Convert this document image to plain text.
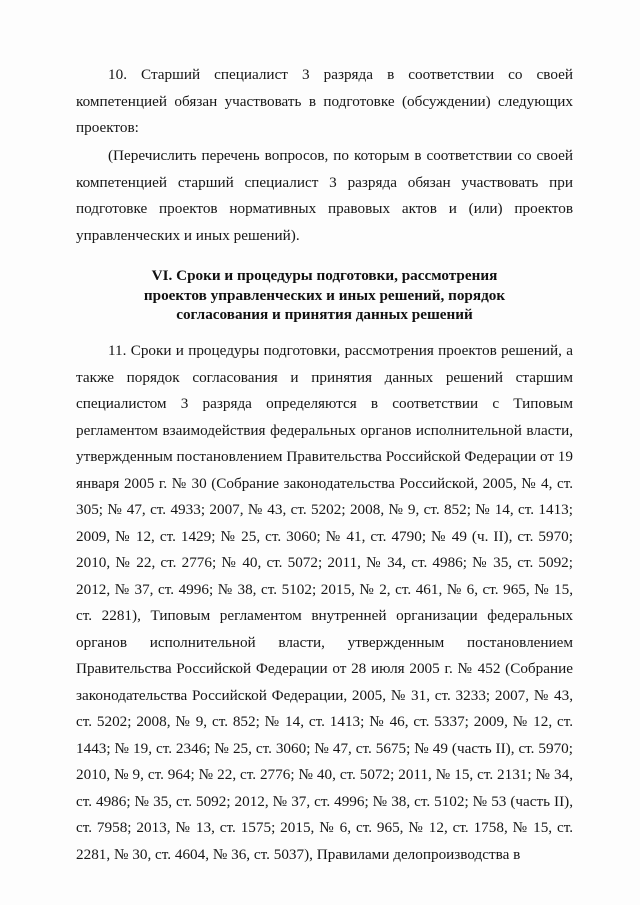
10. Старший специалист 3 разряда в соответствии со своей компетенцией обязан участвовать в подготовке (обсуждении) следующих проектов:

(Перечислить перечень вопросов, по которым в соответствии со своей компетенцией старший специалист 3 разряда обязан участвовать при подготовке проектов нормативных правовых актов и (или) проектов управленческих и иных решений).

VI. Сроки и процедуры подготовки, рассмотрения
проектов управленческих и иных решений, порядок
согласования и принятия данных решений

11. Сроки и процедуры подготовки, рассмотрения проектов решений, а также порядок согласования и принятия данных решений старшим специалистом 3 разряда определяются в соответствии с Типовым регламентом взаимодействия федеральных органов исполнительной власти, утвержденным постановлением Правительства Российской Федерации от 19 января 2005 г. № 30 (Собрание законодательства Российской, 2005, № 4, ст. 305; № 47, ст. 4933; 2007, № 43, ст. 5202; 2008, № 9, ст. 852; № 14, ст. 1413; 2009, № 12, ст. 1429; № 25, ст. 3060; № 41, ст. 4790; № 49 (ч. II), ст. 5970; 2010, № 22, ст. 2776; № 40, ст. 5072; 2011, № 34, ст. 4986; № 35, ст. 5092; 2012, № 37, ст. 4996; № 38, ст. 5102; 2015, № 2, ст. 461, № 6, ст. 965, № 15, ст. 2281), Типовым регламентом внутренней организации федеральных органов исполнительной власти, утвержденным постановлением Правительства Российской Федерации от 28 июля 2005 г. № 452 (Собрание законодательства Российской Федерации, 2005, № 31, ст. 3233; 2007, № 43, ст. 5202; 2008, № 9, ст. 852; № 14, ст. 1413; № 46, ст. 5337; 2009, № 12, ст. 1443; № 19, ст. 2346; № 25, ст. 3060; № 47, ст. 5675; № 49 (часть II), ст. 5970; 2010, № 9, ст. 964; № 22, ст. 2776; № 40, ст. 5072; 2011, № 15, ст. 2131; № 34, ст. 4986; № 35, ст. 5092; 2012, № 37, ст. 4996; № 38, ст. 5102; № 53 (часть II), ст. 7958; 2013, № 13, ст. 1575; 2015, № 6, ст. 965, № 12, ст. 1758, № 15, ст. 2281, № 30, ст. 4604, № 36, ст. 5037), Правилами делопроизводства в
